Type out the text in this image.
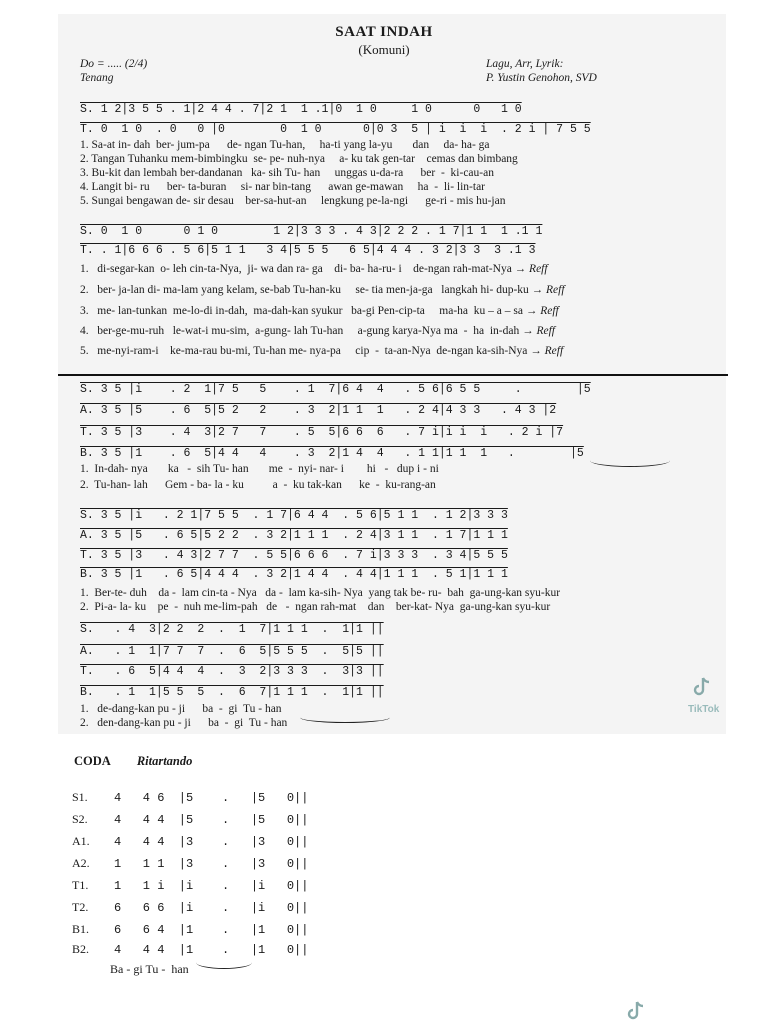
SAAT INDAH
(Komuni)
Do = ..... (2/4)
Tenang
Lagu, Arr, Lyrik:
P. Yustin Genohon, SVD
S. 1 2|3 5 5 . 1|2 4 4 . 7|2 1  1 .1|0  1 0     1 0      0   1 0
T. 0  1 0  . 0   0 |0        0  1 0      0|0 3  5 | i  i  i  . 2 i | 7 5 5
1. Sa-at in- dah  ber- jum-pa      de- ngan Tu-han,     ha-ti yang la-yu       dan     da- ha- ga
2. Tangan Tuhanku mem-bimbingku  se- pe- nuh-nya     a- ku tak gen-tar    cemas dan bimbang
3. Bu-kit dan lembah ber-dandanan   ka- sih Tu- han     unggas u-da-ra      ber  -  ki-cau-an
4. Langit bi- ru      ber- ta-buran     si- nar bin-tang      awan ge-mawan     ha  -  li- lin-tar
5. Sungai bengawan de- sir desau    ber-sa-hut-an     lengkung pe-la-ngi      ge-ri - mis hu-jan
S. 0  1 0      0 1 0        1 2|3 3 3 . 4 3|2 2 2 . 1 7|1 1  1 .1 1
T. . 1|6 6 6 . 5 6|5 1 1   3 4|5 5 5   6 5|4 4 4 . 3 2|3 3  3 .1 3
1.   di-segar-kan  o- leh cin-ta-Nya,  ji- wa dan ra- ga    di- ba- ha-ru- i    de-ngan rah-mat-Nya → Reff
2.   ber- ja-lan di- ma-lam yang kelam, se-bab Tu-han-ku     se- tia men-ja-ga   langkah hi- dup-ku → Reff
3.   me- lan-tunkan  me-lo-di in-dah,  ma-dah-kan syukur   ba-gi Pen-cip-ta     ma-ha  ku – a – sa → Reff
4.   ber-ge-mu-ruh   le-wat-i mu-sim,  a-gung- lah Tu-han     a-gung karya-Nya ma  -  ha  in-dah → Reff
5.   me-nyi-ram-i    ke-ma-rau bu-mi, Tu-han me- nya-pa     cip  -  ta-an-Nya  de-ngan ka-sih-Nya → Reff
S. 3 5 |i    . 2  1|7 5   5    . 1  7|6 4  4   . 5 6|6 5 5     .        |5
A. 3 5 |5    . 6  5|5 2   2    . 3  2|1 1  1   . 2 4|4 3 3   . 4 3 |2
T. 3 5 |3    . 4  3|2 7   7    . 5  5|6 6  6   . 7 i|i i  i   . 2 i |7
B. 3 5 |1    . 6  5|4 4   4    . 3  2|1 4  4   . 1 1|1 1  1   .        |5
1.  In-dah- nya       ka   -  sih Tu- han       me  -  nyi- nar- i        hi   -   dup i - ni
2.  Tu-han- lah      Gem - ba- la - ku          a  -  ku tak-kan      ke  -  ku-rang-an
S. 3 5 |i   . 2 1|7 5 5  . 1 7|6 4 4  . 5 6|5 1 1  . 1 2|3 3 3
A. 3 5 |5   . 6 5|5 2 2  . 3 2|1 1 1  . 2 4|3 1 1  . 1 7|1 1 1
T. 3 5 |3   . 4 3|2 7 7  . 5 5|6 6 6  . 7 i|3 3 3  . 3 4|5 5 5
B. 3 5 |1   . 6 5|4 4 4  . 3 2|1 4 4  . 4 4|1 1 1  . 5 1|1 1 1
1.  Ber-te- duh    da -  lam cin-ta - Nya   da -  lam ka-sih- Nya  yang tak be- ru-  bah  ga-ung-kan syu-kur
2.  Pi-a- la- ku    pe  -  nuh me-lim-pah   de   -  ngan rah-mat    dan    ber-kat- Nya  ga-ung-kan syu-kur
S.   . 4  3|2 2  2  .  1  7|1 1 1  .  1|1 ||
A.   . 1  1|7 7  7  .  6  5|5 5 5  .  5|5 ||
T.   . 6  5|4 4  4  .  3  2|3 3 3  .  3|3 ||
B.   . 1  1|5 5  5  .  6  7|1 1 1  .  1|1 ||
1.   de-dang-kan pu - ji      ba  -  gi  Tu - han
2.   den-dang-kan pu - ji      ba  -  gi  Tu - han
TikTok
CODA Ritartando
S1. 4   4 6  |5    .   |5   0||
S2. 4   4 4  |5    .   |5   0||
A1. 4   4 4  |3    .   |3   0||
A2. 1   1 1  |3    .   |3   0||
T1. 1   1 i  |i    .   |i   0||
T2. 6   6 6  |i    .   |i   0||
B1. 6   6 4  |1    .   |1   0||
B2. 4   4 4  |1    .   |1   0||
Ba - gi Tu -  han
